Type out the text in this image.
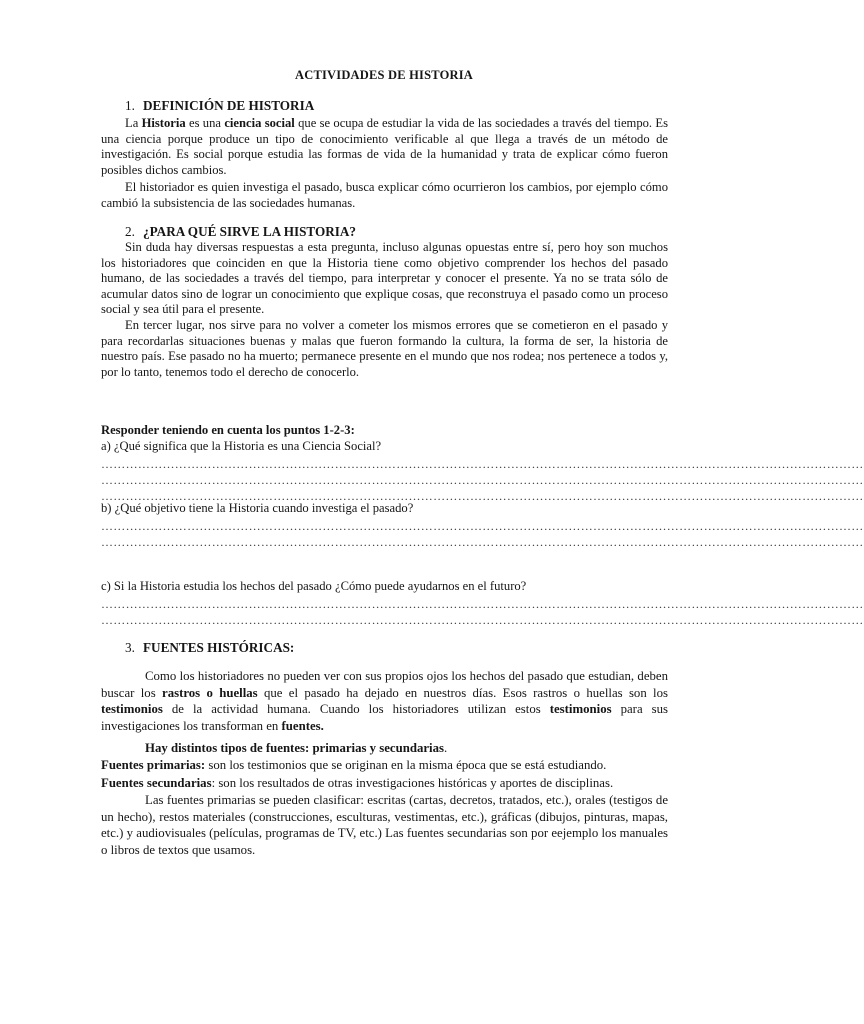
ACTIVIDADES DE HISTORIA
1. DEFINICIÓN DE HISTORIA

La Historia es una ciencia social que se ocupa de estudiar la vida de las sociedades a través del tiempo. Es una ciencia porque produce un tipo de conocimiento verificable al que llega a través de un método de investigación. Es social porque estudia las formas de vida de la humanidad y trata de explicar cómo fueron posibles dichos cambios.

El historiador es quien investiga el pasado, busca explicar cómo ocurrieron los cambios, por ejemplo cómo cambió la subsistencia de las sociedades humanas.

2. ¿PARA QUÉ SIRVE LA HISTORIA?

Sin duda hay diversas respuestas a esta pregunta, incluso algunas opuestas entre sí, pero hoy son muchos los historiadores que coinciden en que la Historia tiene como objetivo comprender los hechos del pasado humano, de las sociedades a través del tiempo, para interpretar y conocer el presente. Ya no se trata sólo de acumular datos sino de lograr un conocimiento que explique cosas, que reconstruya el pasado como un proceso social y sea útil para el presente.

En tercer lugar, nos sirve para no volver a cometer los mismos errores que se cometieron en el pasado y para recordarlas situaciones buenas y malas que fueron formando la cultura, la forma de ser, la historia de nuestro país. Ese pasado no ha muerto; permanece presente en el mundo que nos rodea; nos pertenece a todos y, por lo tanto, tenemos todo el derecho de conocerlo.

Responder teniendo en cuenta los puntos 1-2-3:
a) ¿Qué significa que la Historia es una Ciencia Social?
……………………………………………………………………………………………………………………………………………………………………
……………………………………………………………………………………………………………………………………………………………………
……………………………………………………………………………………………………………………………………………………………………
b) ¿Qué objetivo tiene la Historia cuando investiga el pasado?
……………………………………………………………………………………………………………………………………………………………………
……………………………………………………………………………………………………………………………………………………………………
c) Si la Historia estudia los hechos del pasado ¿Cómo puede ayudarnos en el futuro?
……………………………………………………………………………………………………………………………………………………………………
……………………………………………………………………………………………………………………………………………………………………
3. FUENTES HISTÓRICAS:

Como los historiadores no pueden ver con sus propios ojos los hechos del pasado que estudian, deben buscar los rastros o huellas que el pasado ha dejado en nuestros días. Esos rastros o huellas son los testimonios de la actividad humana. Cuando los historiadores utilizan estos testimonios para sus investigaciones los transforman en fuentes.

Hay distintos tipos de fuentes: primarias y secundarias.
Fuentes primarias: son los testimonios que se originan en la misma época que se está estudiando.
Fuentes secundarias: son los resultados de otras investigaciones históricas y aportes de disciplinas.

Las fuentes primarias se pueden clasificar: escritas (cartas, decretos, tratados, etc.), orales (testigos de un hecho), restos materiales (construcciones, esculturas, vestimentas, etc.), gráficas (dibujos, pinturas, mapas, etc.) y audiovisuales (películas, programas de TV, etc.) Las fuentes secundarias son por eejemplo los manuales o libros de textos que usamos.
